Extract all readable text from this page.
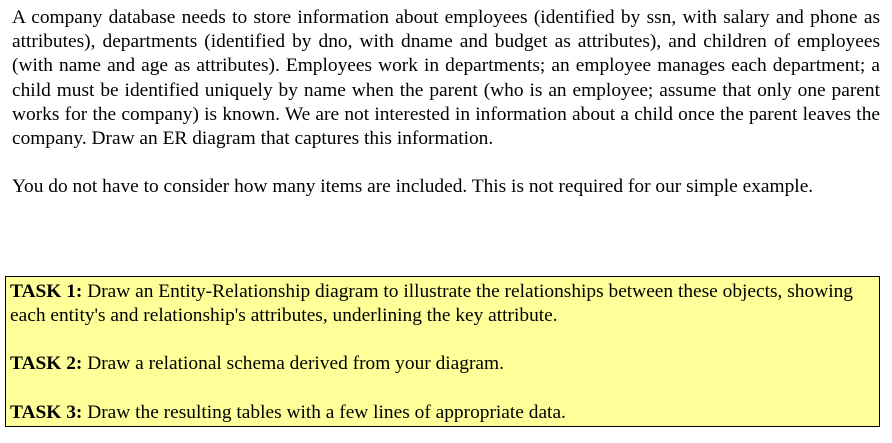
A company database needs to store information about employees (identified by ssn, with salary and phone as attributes), departments (identified by dno, with dname and budget as attributes), and children of employees (with name and age as attributes). Employees work in departments; an employee manages each department; a child must be identified uniquely by name when the parent (who is an employee; assume that only one parent works for the company) is known. We are not interested in information about a child once the parent leaves the company. Draw an ER diagram that captures this information.

You do not have to consider how many items are included. This is not required for our simple example.

TASK 1: Draw an Entity-Relationship diagram to illustrate the relationships between these objects, showing each entity's and relationship's attributes, underlining the key attribute.

TASK 2: Draw a relational schema derived from your diagram.

TASK 3: Draw the resulting tables with a few lines of appropriate data.
